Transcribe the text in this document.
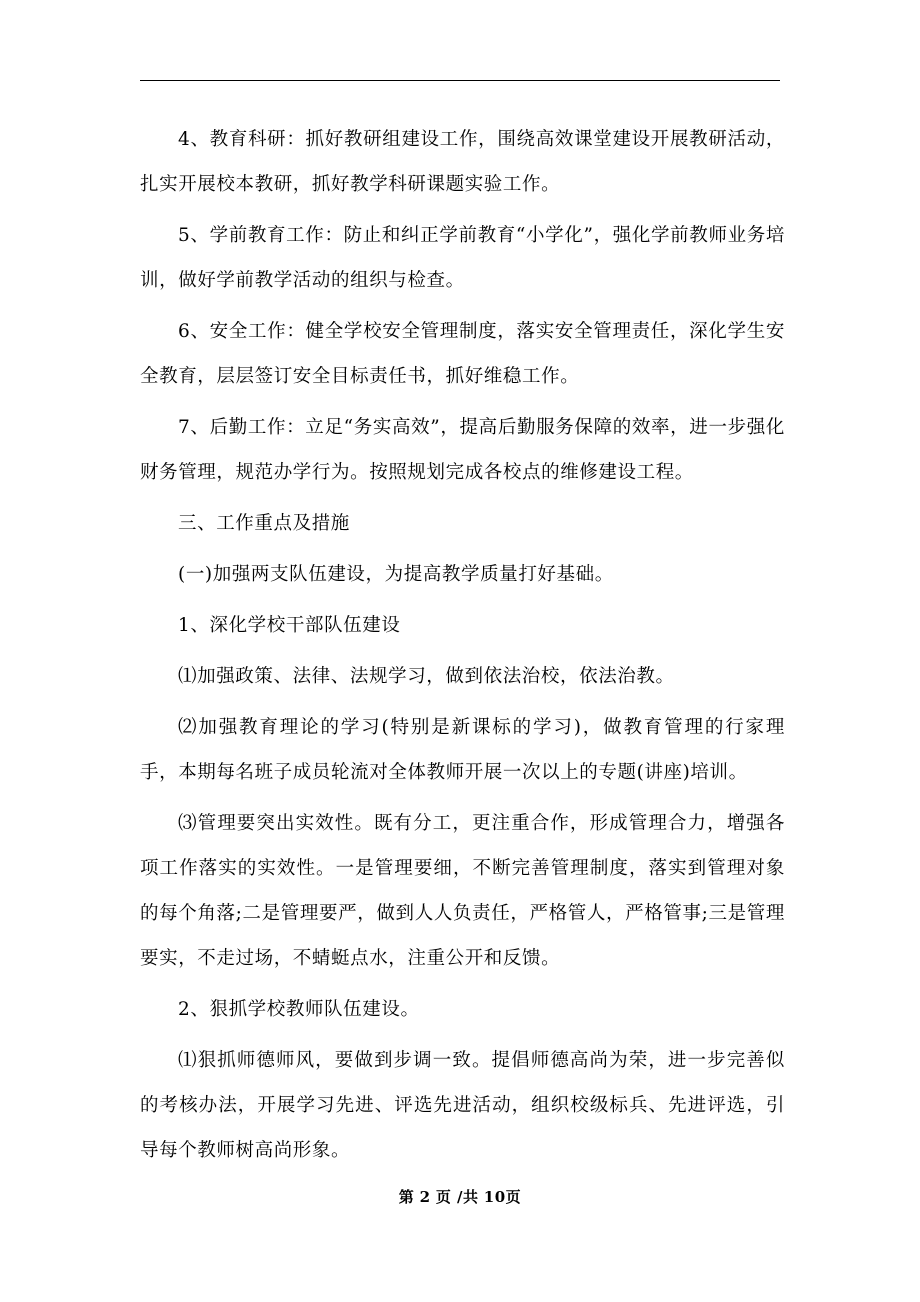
4、教育科研：抓好教研组建设工作，围绕高效课堂建设开展教研活动，扎实开展校本教研，抓好教学科研课题实验工作。

5、学前教育工作：防止和纠正学前教育“小学化”，强化学前教师业务培训，做好学前教学活动的组织与检查。

6、安全工作：健全学校安全管理制度，落实安全管理责任，深化学生安全教育，层层签订安全目标责任书，抓好维稳工作。

7、后勤工作：立足“务实高效”，提高后勤服务保障的效率，进一步强化财务管理，规范办学行为。按照规划完成各校点的维修建设工程。

三、工作重点及措施

(一)加强两支队伍建设，为提高教学质量打好基础。

1、深化学校干部队伍建设

⑴加强政策、法律、法规学习，做到依法治校，依法治教。

⑵加强教育理论的学习(特别是新课标的学习)，做教育管理的行家理手，本期每名班子成员轮流对全体教师开展一次以上的专题(讲座)培训。

⑶管理要突出实效性。既有分工，更注重合作，形成管理合力，增强各项工作落实的实效性。一是管理要细，不断完善管理制度，落实到管理对象的每个角落;二是管理要严，做到人人负责任，严格管人，严格管事;三是管理要实，不走过场，不蜻蜓点水，注重公开和反馈。

2、狠抓学校教师队伍建设。

⑴狠抓师德师风，要做到步调一致。提倡师德高尚为荣，进一步完善似的考核办法，开展学习先进、评选先进活动，组织校级标兵、先进评选，引导每个教师树高尚形象。

第 2 页 /共 10页
